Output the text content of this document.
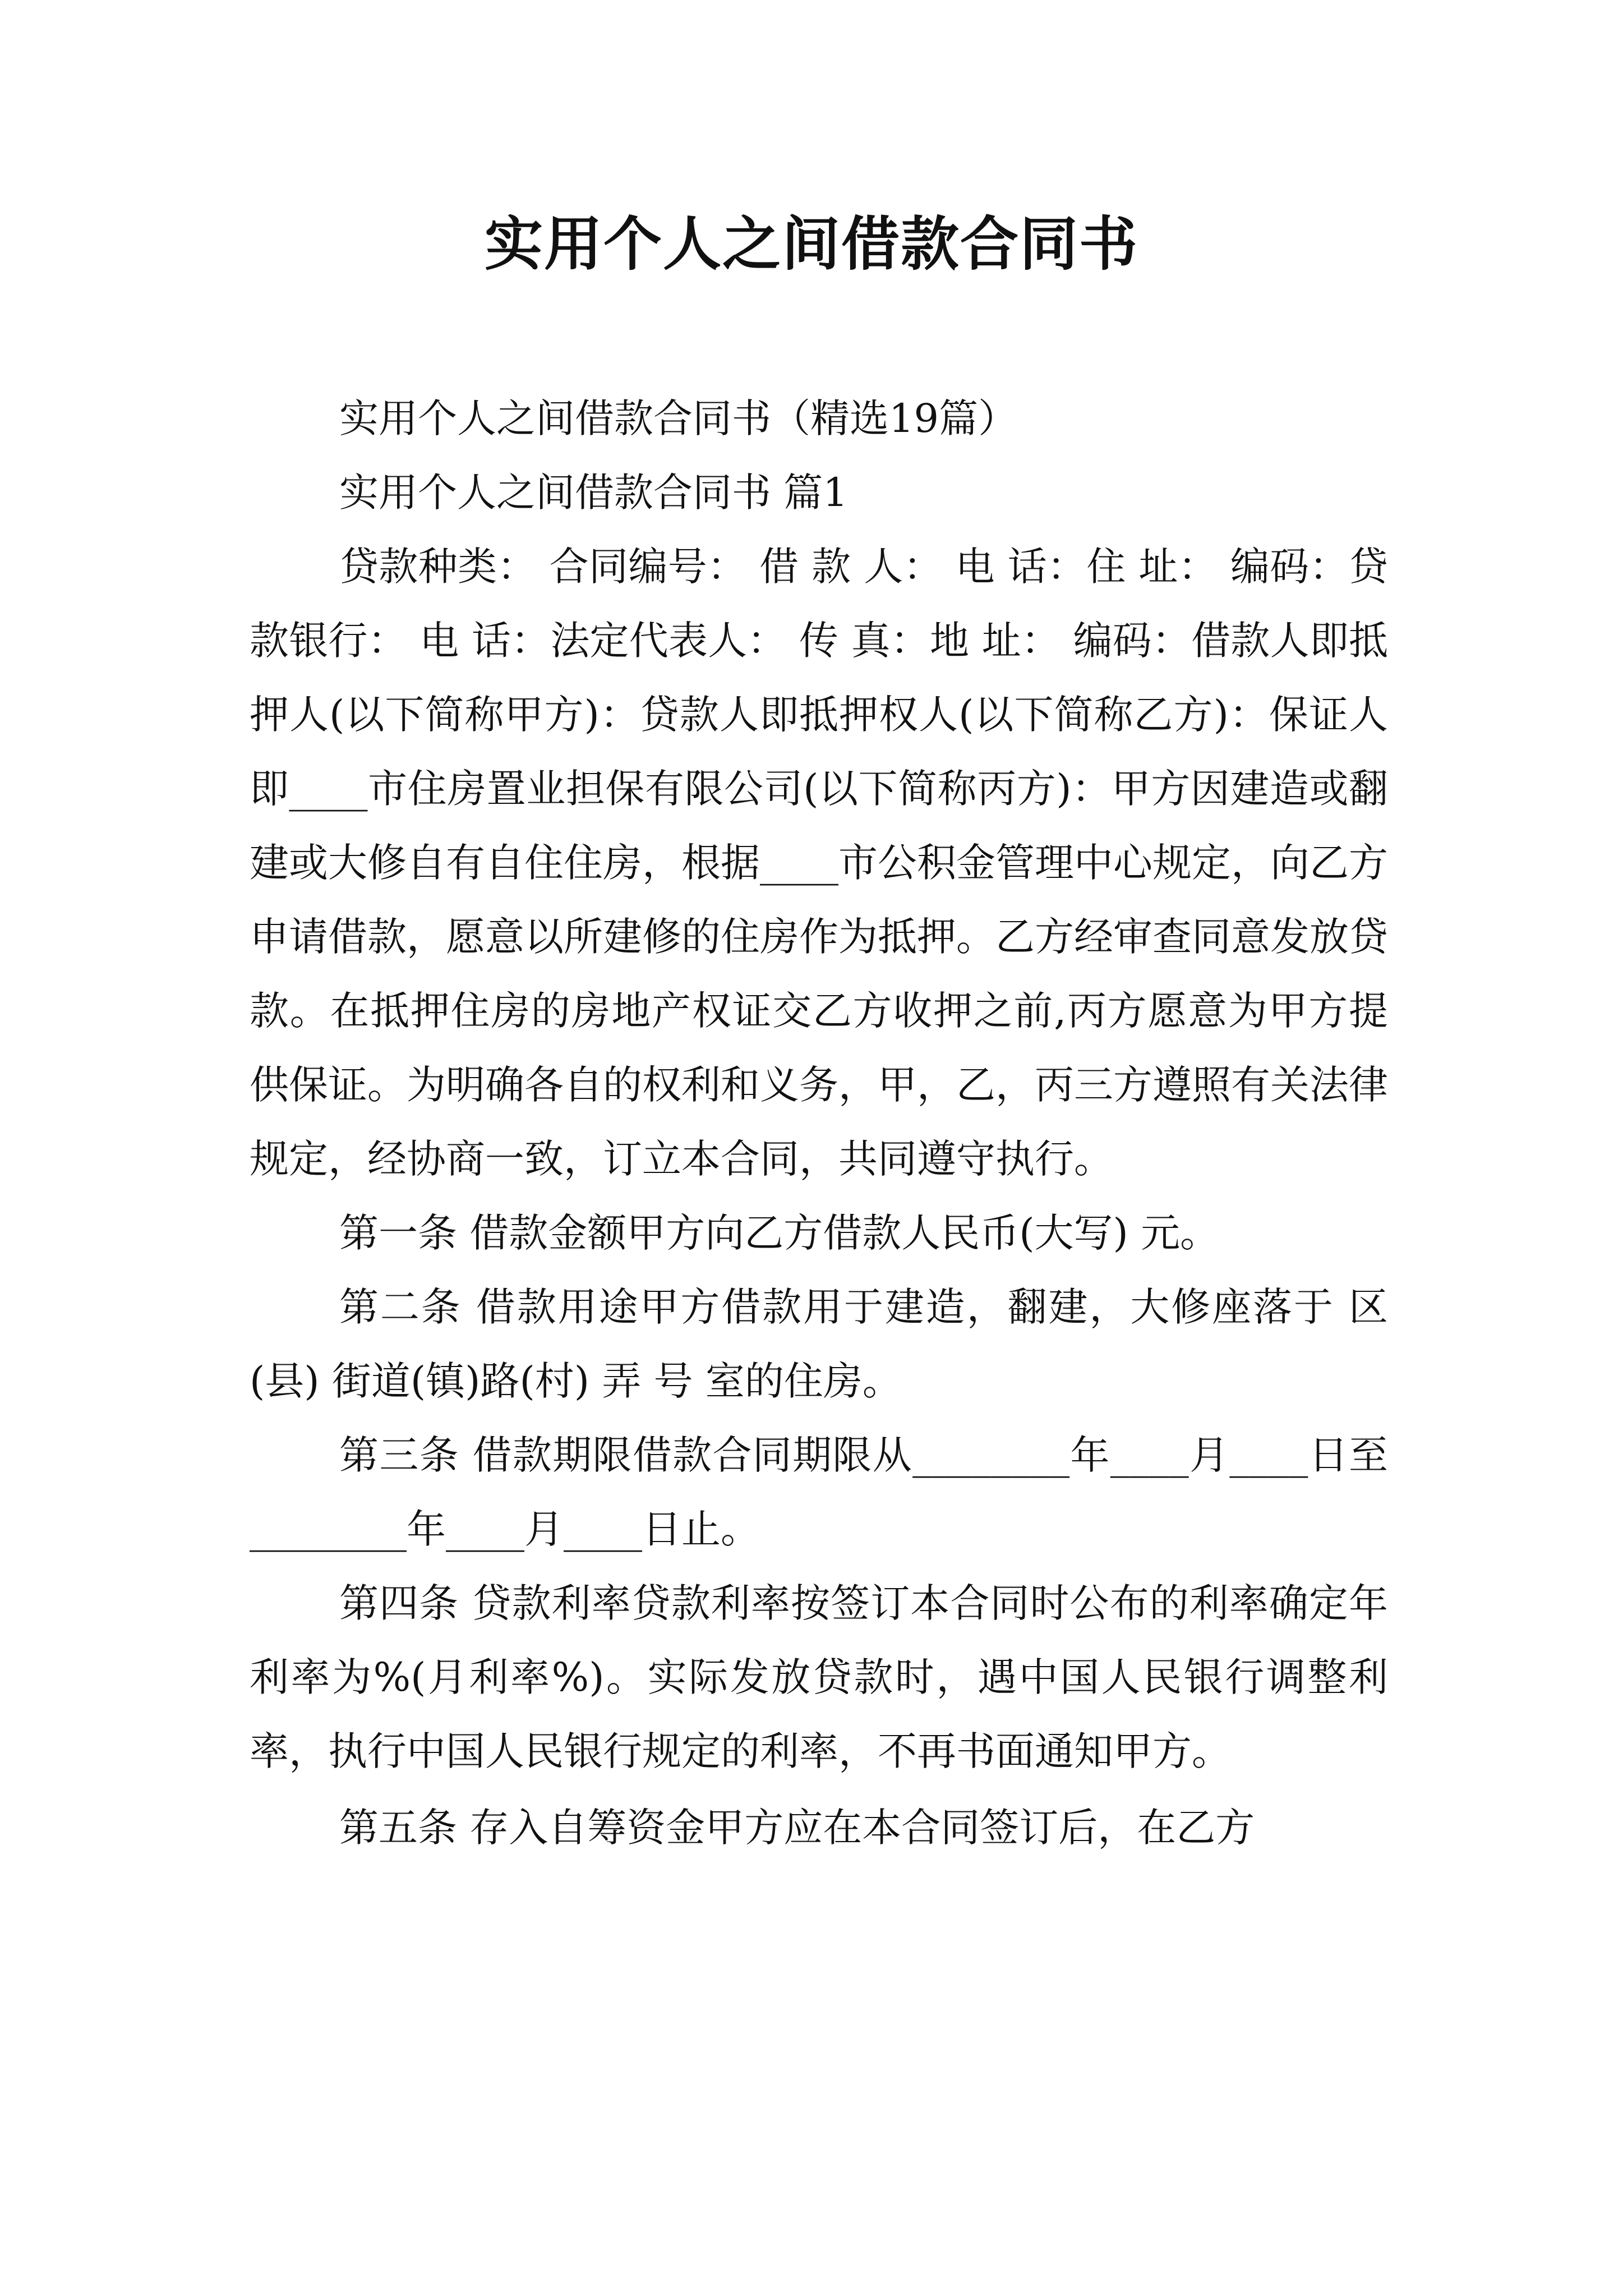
实用个人之间借款合同书

实用个人之间借款合同书（精选19篇）

实用个人之间借款合同书 篇1

贷款种类： 合同编号： 借 款 人： 电 话：住 址： 编码：贷款银行： 电 话：法定代表人： 传 真：地 址： 编码：借款人即抵押人(以下简称甲方)：贷款人即抵押权人(以下简称乙方)：保证人即____市住房置业担保有限公司(以下简称丙方)：甲方因建造或翻建或大修自有自住住房，根据____市公积金管理中心规定，向乙方申请借款，愿意以所建修的住房作为抵押。乙方经审查同意发放贷款。在抵押住房的房地产权证交乙方收押之前,丙方愿意为甲方提供保证。为明确各自的权利和义务，甲，乙，丙三方遵照有关法律规定，经协商一致，订立本合同，共同遵守执行。

第一条 借款金额甲方向乙方借款人民币(大写) 元。

第二条 借款用途甲方借款用于建造，翻建，大修座落于 区(县) 街道(镇)路(村) 弄 号 室的住房。

第三条 借款期限借款合同期限从________年____月____日至________年____月____日止。

第四条 贷款利率贷款利率按签订本合同时公布的利率确定年利率为%(月利率%)。实际发放贷款时，遇中国人民银行调整利率，执行中国人民银行规定的利率，不再书面通知甲方。

第五条 存入自筹资金甲方应在本合同签订后，在乙方
